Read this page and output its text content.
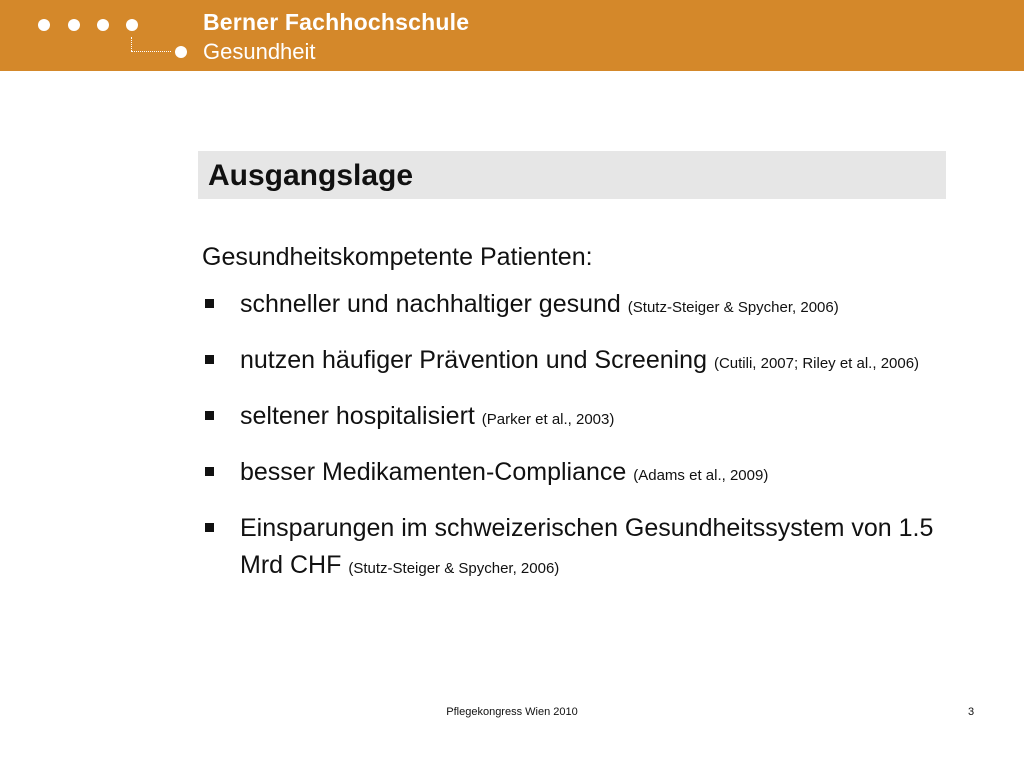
Berner Fachhochschule
Gesundheit
Ausgangslage

Gesundheitskompetente Patienten:

schneller und nachhaltiger gesund (Stutz-Steiger & Spycher, 2006)
nutzen häufiger Prävention und Screening (Cutili, 2007; Riley et al., 2006)
seltener hospitalisiert (Parker et al., 2003)
besser Medikamenten-Compliance (Adams et al., 2009)
Einsparungen im schweizerischen Gesundheitssystem von 1.5 Mrd CHF (Stutz-Steiger & Spycher, 2006)
Pflegekongress Wien 2010	3
